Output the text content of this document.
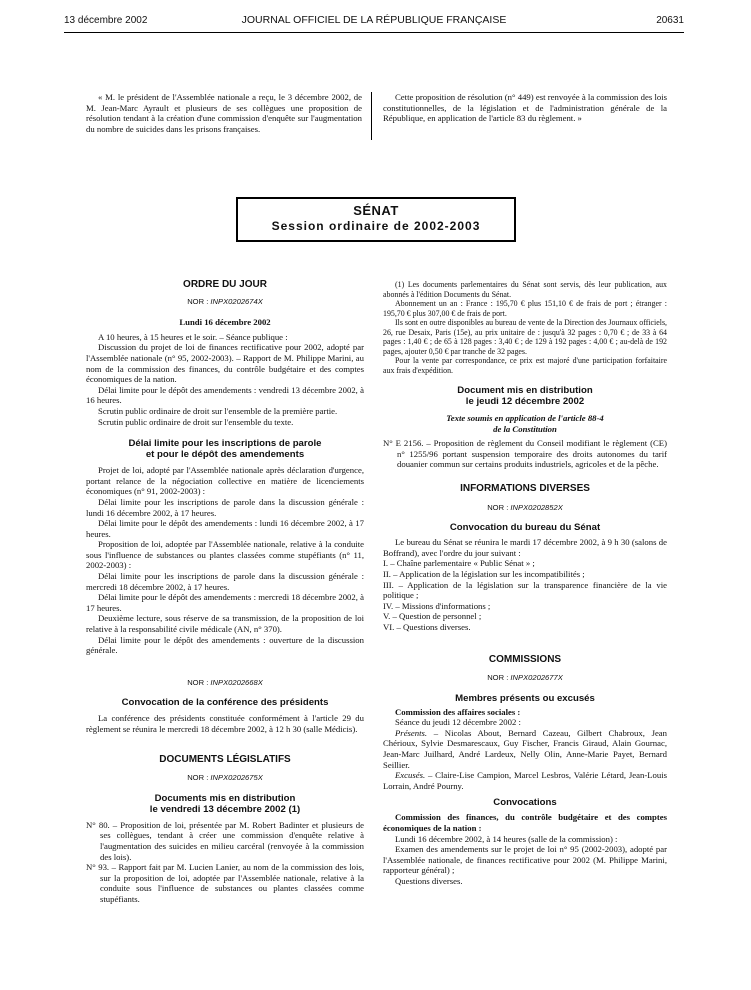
13 décembre 2002	JOURNAL OFFICIEL DE LA RÉPUBLIQUE FRANÇAISE	20631

« M. le président de l'Assemblée nationale a reçu, le 3 décembre 2002, de M. Jean-Marc Ayrault et plusieurs de ses collègues une proposition de résolution tendant à la création d'une commission d'enquête sur l'augmentation du nombre de suicides dans les prisons françaises.

Cette proposition de résolution (n° 449) est renvoyée à la commission des lois constitutionnelles, de la législation et de l'administration générale de la République, en application de l'article 83 du règlement. »

SÉNAT
Session ordinaire de 2002-2003

ORDRE DU JOUR

NOR : INPX0202674X

Lundi 16 décembre 2002

A 10 heures, à 15 heures et le soir. – Séance publique :

Discussion du projet de loi de finances rectificative pour 2002, adopté par l'Assemblée nationale (n° 95, 2002-2003). – Rapport de M. Philippe Marini, au nom de la commission des finances, du contrôle budgétaire et des comptes économiques de la nation.

Délai limite pour le dépôt des amendements : vendredi 13 décembre 2002, à 16 heures.

Scrutin public ordinaire de droit sur l'ensemble de la première partie.

Scrutin public ordinaire de droit sur l'ensemble du texte.

Délai limite pour les inscriptions de parole

et pour le dépôt des amendements

Projet de loi, adopté par l'Assemblée nationale après déclaration d'urgence, portant relance de la négociation collective en matière de licenciements économiques (n° 91, 2002-2003) :

Délai limite pour les inscriptions de parole dans la discussion générale : lundi 16 décembre 2002, à 17 heures.

Délai limite pour le dépôt des amendements : lundi 16 décembre 2002, à 17 heures.

Proposition de loi, adoptée par l'Assemblée nationale, relative à la conduite sous l'influence de substances ou plantes classées comme stupéfiants (n° 11, 2002-2003) :

Délai limite pour les inscriptions de parole dans la discussion générale : mercredi 18 décembre 2002, à 17 heures.

Délai limite pour le dépôt des amendements : mercredi 18 décembre 2002, à 17 heures.

Deuxième lecture, sous réserve de sa transmission, de la proposition de loi relative à la responsabilité civile médicale (AN, n° 370).

Délai limite pour le dépôt des amendements : ouverture de la discussion générale.

NOR : INPX0202668X

Convocation de la conférence des présidents

La conférence des présidents constituée conformément à l'article 29 du règlement se réunira le mercredi 18 décembre 2002, à 12 h 30 (salle Médicis).

DOCUMENTS LÉGISLATIFS

NOR : INPX0202675X

Documents mis en distribution

le vendredi 13 décembre 2002 (1)

N° 80. – Proposition de loi, présentée par M. Robert Badinter et plusieurs de ses collègues, tendant à créer une commission d'enquête relative à l'augmentation des suicides en milieu carcéral (renvoyée à la commission des lois).

N° 93. – Rapport fait par M. Lucien Lanier, au nom de la commission des lois, sur la proposition de loi, adoptée par l'Assemblée nationale, relative à la conduite sous l'influence de substances ou plantes classées comme stupéfiants.

(1) Les documents parlementaires du Sénat sont servis, dès leur publication, aux abonnés à l'édition Documents du Sénat.

Abonnement un an : France : 195,70 € plus 151,10 € de frais de port ; étranger : 195,70 € plus 307,00 € de frais de port.

Ils sont en outre disponibles au bureau de vente de la Direction des Journaux officiels, 26, rue Desaix, Paris (15e), au prix unitaire de : jusqu'à 32 pages : 0,70 € ; de 33 à 64 pages : 1,40 € ; de 65 à 128 pages : 3,40 € ; de 129 à 192 pages : 4,00 € ; au-delà de 192 pages, ajouter 0,50 € par tranche de 32 pages.

Pour la vente par correspondance, ce prix est majoré d'une participation forfaitaire aux frais d'expédition.

Document mis en distribution

le jeudi 12 décembre 2002

Texte soumis en application de l'article 88-4

de la Constitution

N° E 2156. – Proposition de règlement du Conseil modifiant le règlement (CE) n° 1255/96 portant suspension temporaire des droits autonomes du tarif douanier commun sur certains produits industriels, agricoles et de la pêche.

INFORMATIONS DIVERSES

NOR : INPX0202852X

Convocation du bureau du Sénat

Le bureau du Sénat se réunira le mardi 17 décembre 2002, à 9 h 30 (salons de Boffrand), avec l'ordre du jour suivant :

I. – Chaîne parlementaire « Public Sénat » ;

II. – Application de la législation sur les incompatibilités ;

III. – Application de la législation sur la transparence financière de la vie politique ;

IV. – Missions d'informations ;

V. – Question de personnel ;

VI. – Questions diverses.

COMMISSIONS

NOR : INPX0202677X

Membres présents ou excusés

Commission des affaires sociales :

Séance du jeudi 12 décembre 2002 :

Présents. – Nicolas About, Bernard Cazeau, Gilbert Chabroux, Jean Chérioux, Sylvie Desmarescaux, Guy Fischer, Francis Giraud, Alain Gournac, Jean-Marc Juilhard, André Lardeux, Nelly Olin, Anne-Marie Payet, Bernard Seillier.

Excusés. – Claire-Lise Campion, Marcel Lesbros, Valérie Létard, Jean-Louis Lorrain, André Pourny.

Convocations

Commission des finances, du contrôle budgétaire et des comptes économiques de la nation :

Lundi 16 décembre 2002, à 14 heures (salle de la commission) :

Examen des amendements sur le projet de loi n° 95 (2002-2003), adopté par l'Assemblée nationale, de finances rectificative pour 2002 (M. Philippe Marini, rapporteur général) ;

Questions diverses.
